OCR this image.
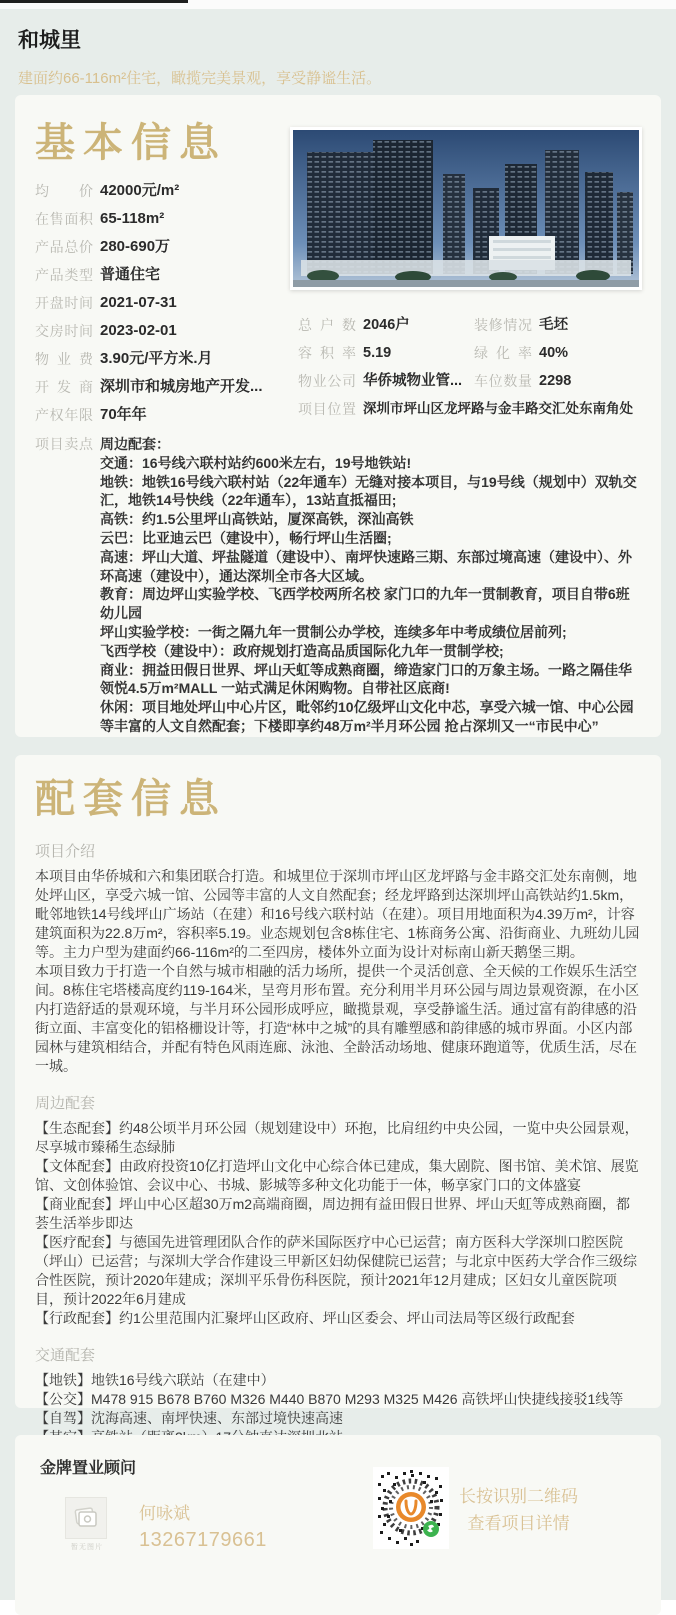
和城里
建面约66-116m²住宅，瞰揽完美景观，享受静谧生活。
基本信息
均价 42000元/m²
在售面积 65-118m²
产品总价 280-690万
产品类型 普通住宅
开盘时间 2021-07-31
交房时间 2023-02-01
物业费 3.90元/平方米.月
开发商 深圳市和城房地产开发...
产权年限 70年年
总户数 2046户	装修情况 毛坯
容积率 5.19	绿化率 40%
物业公司 华侨城物业管... 车位数量 2298
项目位置 深圳市坪山区龙坪路与金丰路交汇处东南角处
项目卖点 周边配套：
交通：16号线六联村站约600米左右，19号地铁站!
地铁：地铁16号线六联村站（22年通车）无缝对接本项目，与19号线（规划中）双轨交汇，地铁14号快线（22年通车），13站直抵福田;
高铁：约1.5公里坪山高铁站，厦深高铁，深汕高铁
云巴：比亚迪云巴（建设中），畅行坪山生活圈;
高速：坪山大道、坪盐隧道（建设中）、南坪快速路三期、东部过境高速（建设中）、外环高速（建设中），通达深圳全市各大区域。
教育：周边坪山实验学校、飞西学校两所名校 家门口的九年一贯制教育，项目自带6班幼儿园
坪山实验学校：一街之隔九年一贯制公办学校，连续多年中考成绩位居前列;
飞西学校（建设中）：政府规划打造高品质国际化九年一贯制学校;
商业：拥益田假日世界、坪山天虹等成熟商圈，缔造家门口的万象主场。一路之隔佳华领悦4.5万m²MALL 一站式满足休闲购物。自带社区底商!
休闲：项目地处坪山中心片区，毗邻约10亿级坪山文化中芯，享受六城一馆、中心公园等丰富的人文自然配套；下楼即享约48万m²半月环公园 抢占深圳又一“市民中心”
配套信息
项目介绍

本项目由华侨城和六和集团联合打造。和城里位于深圳市坪山区龙坪路与金丰路交汇处东南侧，地处坪山区，享受六城一馆、公园等丰富的人文自然配套；经龙坪路到达深圳坪山高铁站约1.5km，毗邻地铁14号线坪山广场站（在建）和16号线六联村站（在建）。项目用地面积为4.39万m²，计容建筑面积为22.8万m²，容积率5.19。业态规划包含8栋住宅、1栋商务公寓、沿街商业、九班幼儿园等。主力户型为建面约66-116m²的二至四房，楼体外立面为设计对标南山新天鹅堡三期。

本项目致力于打造一个自然与城市相融的活力场所，提供一个灵活创意、全天候的工作娱乐生活空间。8栋住宅塔楼高度约119-164米，呈弯月形布置。充分利用半月环公园与周边景观资源，在小区内打造舒适的景观环境，与半月环公园形成呼应，瞰揽景观，享受静谧生活。通过富有韵律感的沿街立面、丰富变化的铝格栅设计等，打造“林中之城”的具有雕塑感和韵律感的城市界面。小区内部园林与建筑相结合，并配有特色风雨连廊、泳池、全龄活动场地、健康环跑道等，优质生活，尽在一城。

周边配套

【生态配套】约48公顷半月环公园（规划建设中）环抱，比肩纽约中央公园，一览中央公园景观，尽享城市臻稀生态绿肺

【文体配套】由政府投资10亿打造坪山文化中心综合体已建成，集大剧院、图书馆、美术馆、展览馆、文创体验馆、会议中心、书城、影城等多种文化功能于一体，畅享家门口的文体盛宴

【商业配套】坪山中心区超30万m2高端商圈，周边拥有益田假日世界、坪山天虹等成熟商圈，都荟生活举步即达

【医疗配套】与德国先进管理团队合作的萨米国际医疗中心已运营；南方医科大学深圳口腔医院（坪山）已运营；与深圳大学合作建设三甲新区妇幼保健院已运营；与北京中医药大学合作三级综合性医院，预计2020年建成；深圳平乐骨伤科医院，预计2021年12月建成；区妇女儿童医院项目，预计2022年6月建成

【行政配套】约1公里范围内汇聚坪山区政府、坪山区委会、坪山司法局等区级行政配套

交通配套

【地铁】地铁16号线六联站（在建中）

【公交】M478 915 B678 B760 M326 M440 B870 M293 M325 M426 高铁坪山快捷线接驳1线等

【自驾】沈海高速、南坪快速、东部过境快速高速

金牌置业顾问
暂无图片
何咏斌
13267179661
长按识别二维码
查看项目详情
